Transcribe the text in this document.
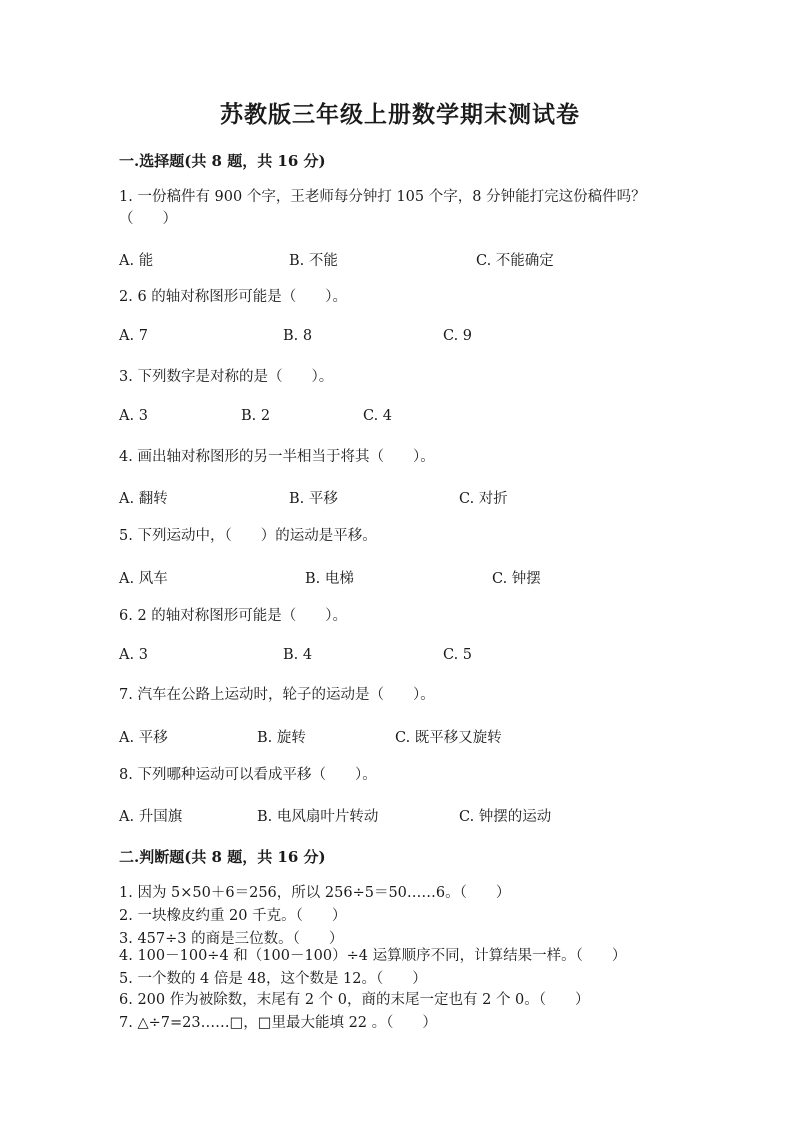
苏教版三年级上册数学期末测试卷
一.选择题(共 8 题，共 16 分)
1. 一份稿件有 900 个字，王老师每分钟打 105 个字，8 分钟能打完这份稿件吗？（　　）
A. 能	B. 不能	C. 不能确定
2. 6 的轴对称图形可能是（　　）。
A. 7	B. 8	C. 9
3. 下列数字是对称的是（　　）。
A. 3	B. 2	C. 4
4. 画出轴对称图形的另一半相当于将其（　　）。
A. 翻转	B. 平移	C. 对折
5. 下列运动中，（　　）的运动是平移。
A. 风车	B. 电梯	C. 钟摆
6. 2 的轴对称图形可能是（　　）。
A. 3	B. 4	C. 5
7. 汽车在公路上运动时，轮子的运动是（　　）。
A. 平移	B. 旋转	C. 既平移又旋转
8. 下列哪种运动可以看成平移（　　）。
A. 升国旗	B. 电风扇叶片转动	C. 钟摆的运动
二.判断题(共 8 题，共 16 分)
1. 因为 5×50＋6＝256，所以 256÷5＝50……6。（　　）
2. 一块橡皮约重 20 千克。（　　）
3. 457÷3 的商是三位数。（　　）
4. 100－100÷4 和（100－100）÷4 运算顺序不同，计算结果一样。（　　）
5. 一个数的 4 倍是 48，这个数是 12。（　　）
6. 200 作为被除数，末尾有 2 个 0，商的末尾一定也有 2 个 0。（　　）
7. △÷7=23……□，□里最大能填 22 。（　　）
